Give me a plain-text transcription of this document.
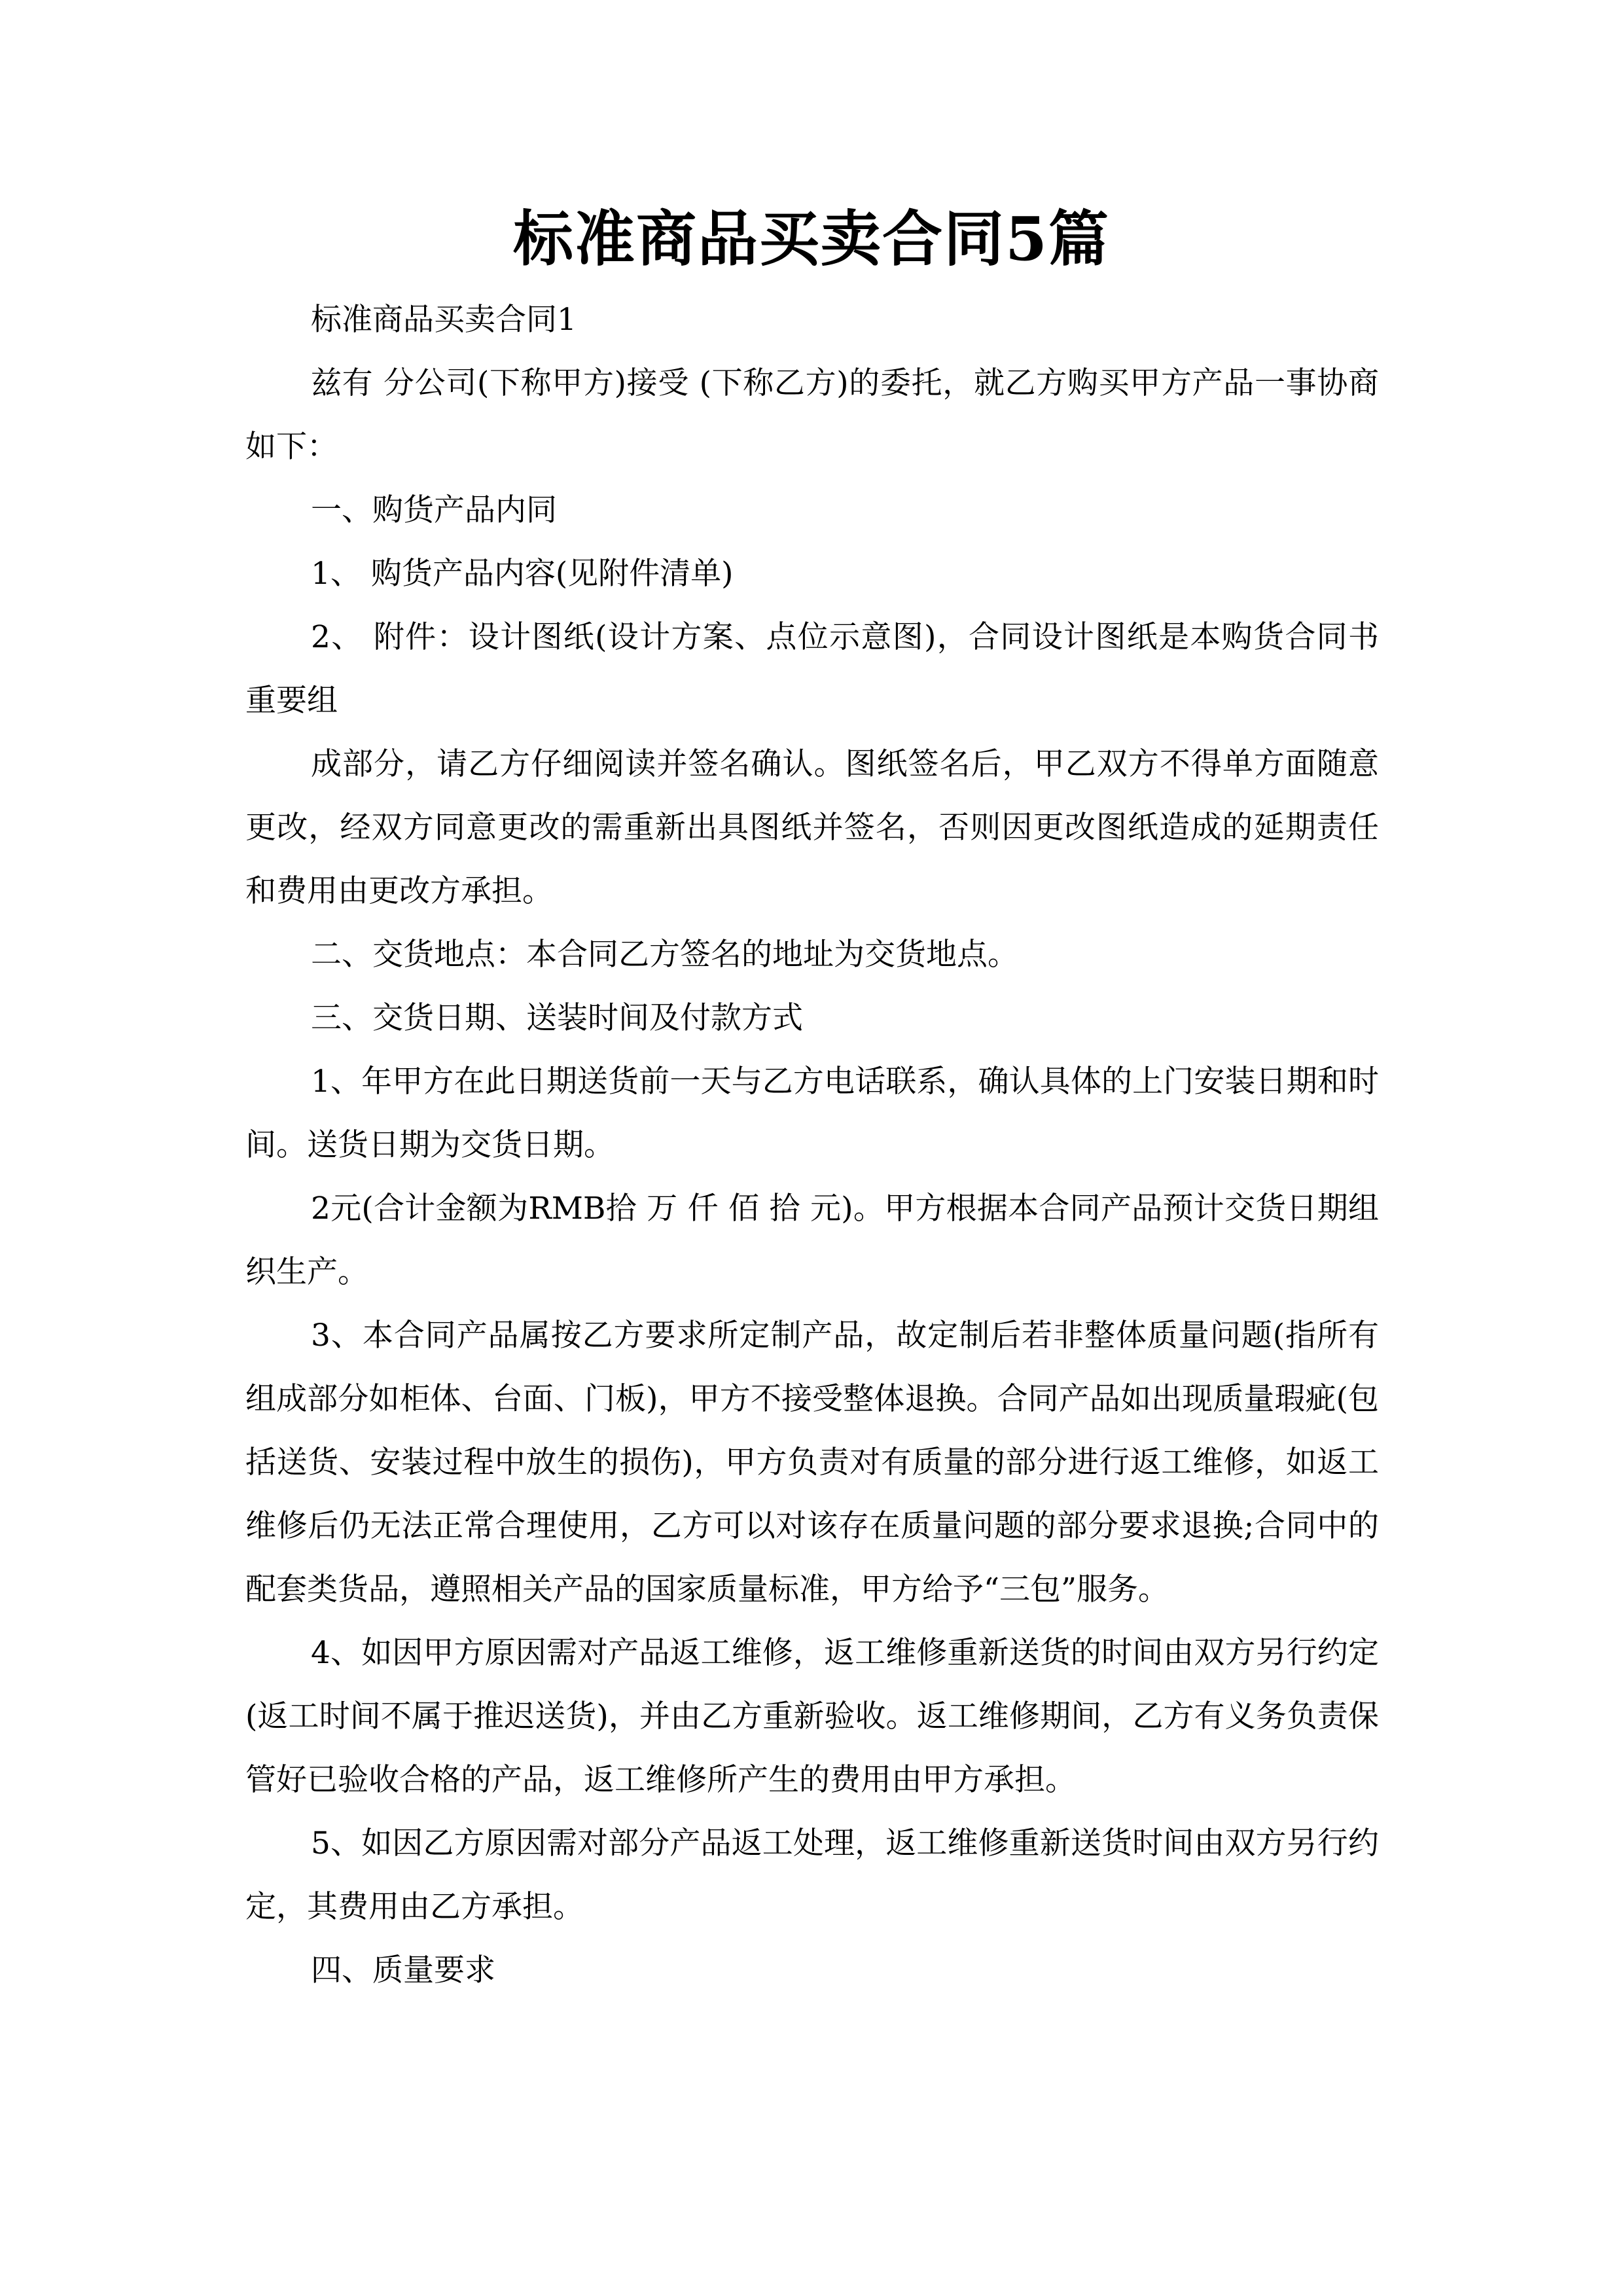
标准商品买卖合同5篇

标准商品买卖合同1

兹有 分公司(下称甲方)接受 (下称乙方)的委托，就乙方购买甲方产品一事协商如下：

一、购货产品内同

1、 购货产品内容(见附件清单)

2、 附件：设计图纸(设计方案、点位示意图)，合同设计图纸是本购货合同书重要组

成部分，请乙方仔细阅读并签名确认。图纸签名后，甲乙双方不得单方面随意更改，经双方同意更改的需重新出具图纸并签名，否则因更改图纸造成的延期责任和费用由更改方承担。

二、交货地点：本合同乙方签名的地址为交货地点。

三、交货日期、送装时间及付款方式

1、年甲方在此日期送货前一天与乙方电话联系，确认具体的上门安装日期和时间。送货日期为交货日期。

2元(合计金额为RMB拾 万 仟 佰 拾 元)。甲方根据本合同产品预计交货日期组织生产。

3、本合同产品属按乙方要求所定制产品，故定制后若非整体质量问题(指所有组成部分如柜体、台面、门板)，甲方不接受整体退换。合同产品如出现质量瑕疵(包括送货、安装过程中放生的损伤)，甲方负责对有质量的部分进行返工维修，如返工维修后仍无法正常合理使用，乙方可以对该存在质量问题的部分要求退换;合同中的配套类货品，遵照相关产品的国家质量标准，甲方给予“三包”服务。

4、如因甲方原因需对产品返工维修，返工维修重新送货的时间由双方另行约定(返工时间不属于推迟送货)，并由乙方重新验收。返工维修期间，乙方有义务负责保管好已验收合格的产品，返工维修所产生的费用由甲方承担。

5、如因乙方原因需对部分产品返工处理，返工维修重新送货时间由双方另行约定，其费用由乙方承担。

四、质量要求
